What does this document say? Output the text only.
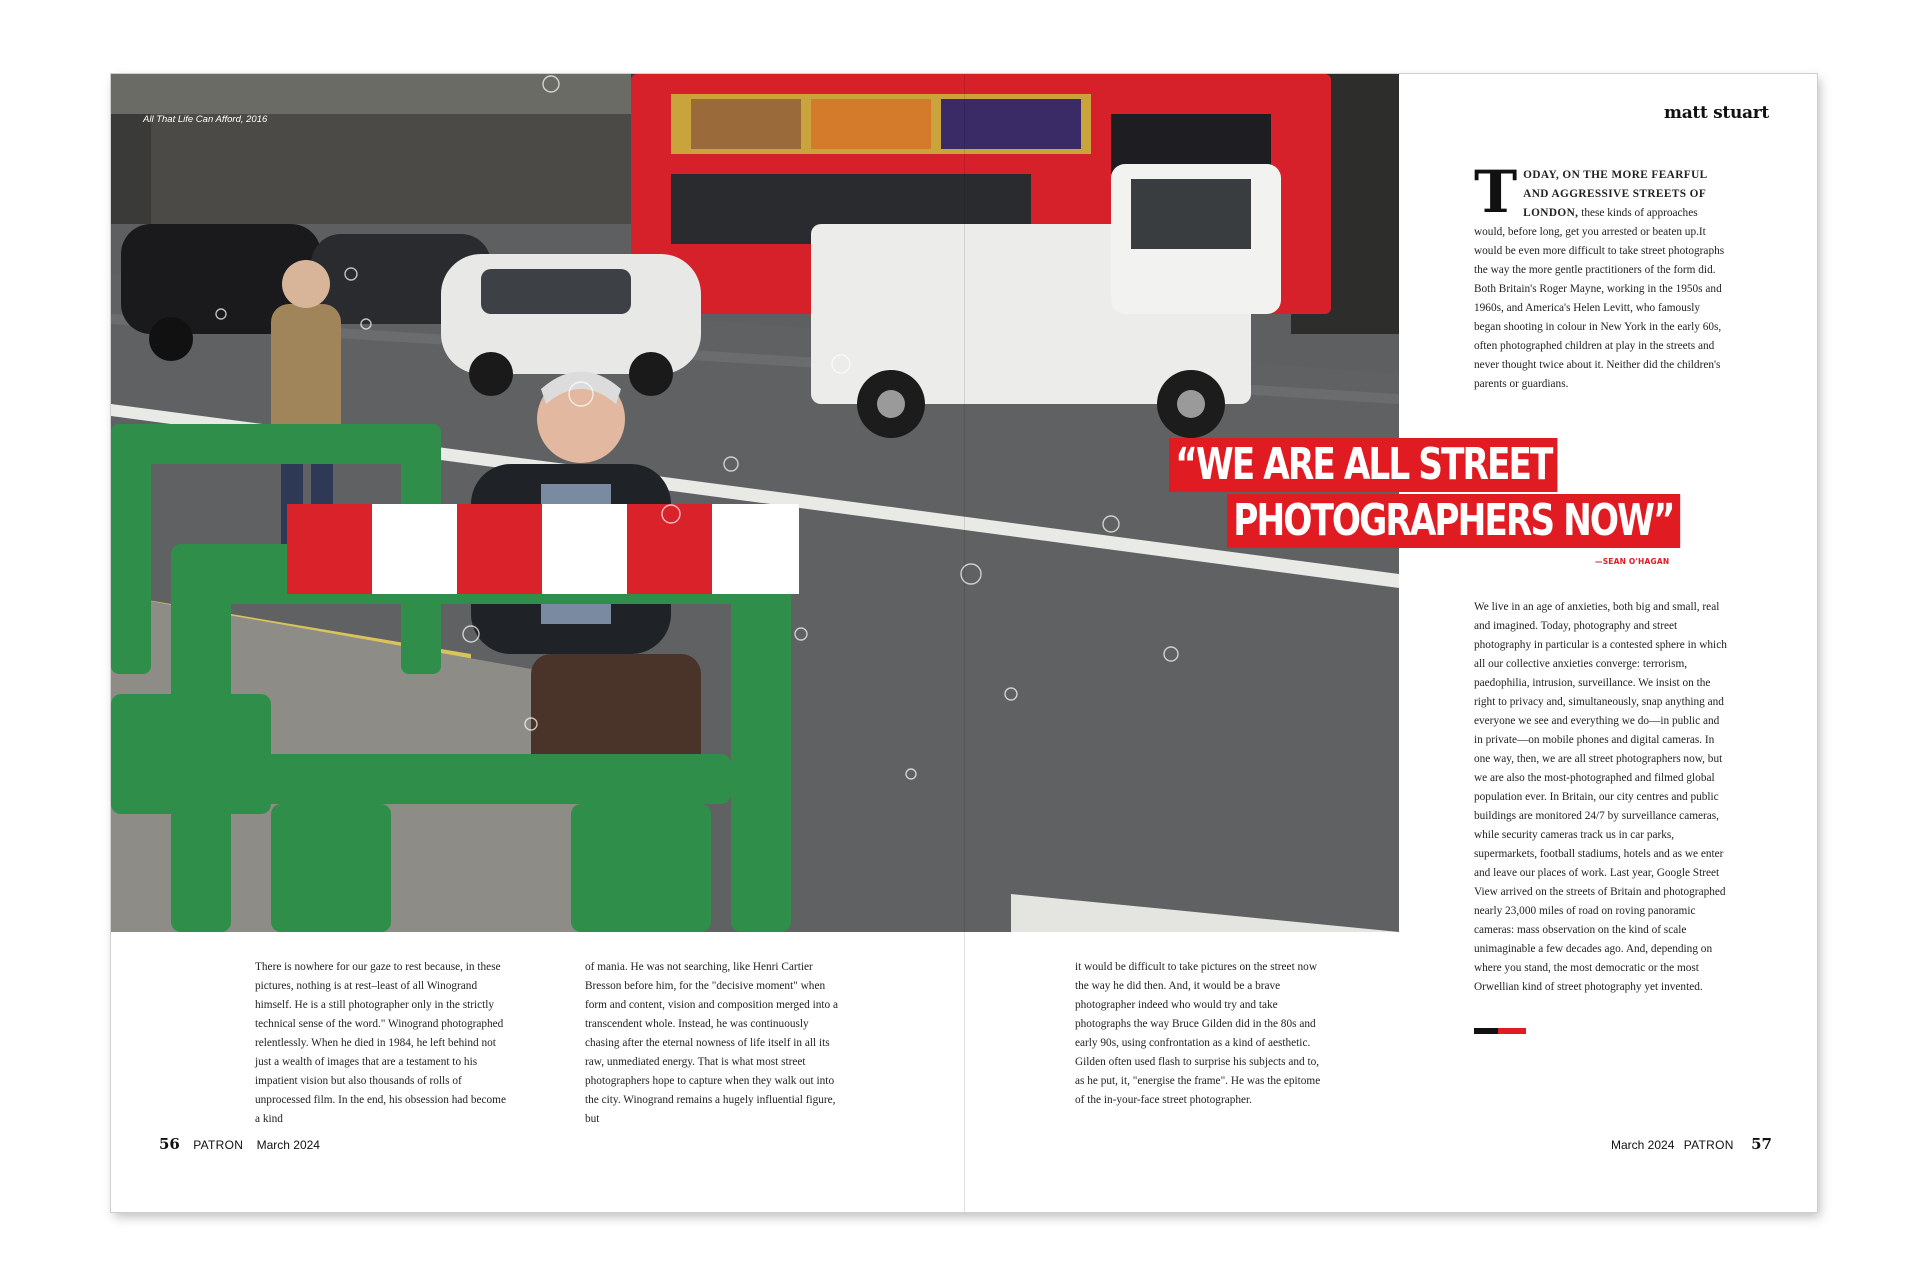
All That Life Can Afford, 2016	matt stuart

TODAY, ON THE MORE FEARFUL AND AGGRESSIVE STREETS OF LONDON, these kinds of approaches would, before long, get you arrested or beaten up.It would be even more difficult to take street photographs the way the more gentle practitioners of the form did. Both Britain's Roger Mayne, working in the 1950s and 1960s, and America's Helen Levitt, who famously began shooting in colour in New York in the early 60s, often photographed children at play in the streets and never thought twice about it. Neither did the children's parents or guardians.

“WE ARE ALL STREET
PHOTOGRAPHERS NOW”
—SEAN O'HAGAN

There is nowhere for our gaze to rest because, in these pictures, nothing is at rest–least of all Winogrand himself. He is a still photographer only in the strictly technical sense of the word." Winogrand photographed relentlessly. When he died in 1984, he left behind not just a wealth of images that are a testament to his impatient vision but also thousands of rolls of unprocessed film. In the end, his obsession had become a kind

of mania. He was not searching, like Henri Cartier Bresson before him, for the "decisive moment" when form and content, vision and composition merged into a transcendent whole. Instead, he was continuously chasing after the eternal nowness of life itself in all its raw, unmediated energy. That is what most street photographers hope to capture when they walk out into the city. Winogrand remains a hugely influential figure, but

it would be difficult to take pictures on the street now the way he did then. And, it would be a brave photographer indeed who would try and take photographs the way Bruce Gilden did in the 80s and early 90s, using confrontation as a kind of aesthetic. Gilden often used flash to surprise his subjects and to, as he put, it, "energise the frame". He was the epitome of the in-your-face street photographer.

We live in an age of anxieties, both big and small, real and imagined. Today, photography and street photography in particular is a contested sphere in which all our collective anxieties converge: terrorism, paedophilia, intrusion, surveillance. We insist on the right to privacy and, simultaneously, snap anything and everyone we see and everything we do—in public and in private—on mobile phones and digital cameras. In one way, then, we are all street photographers now, but we are also the most-photographed and filmed global population ever. In Britain, our city centres and public buildings are monitored 24/7 by surveillance cameras, while security cameras track us in car parks, supermarkets, football stadiums, hotels and as we enter and leave our places of work. Last year, Google Street View arrived on the streets of Britain and photographed nearly 23,000 miles of road on roving panoramic cameras: mass observation on the kind of scale unimaginable a few decades ago. And, depending on where you stand, the most democratic or the most Orwellian kind of street photography yet invented.

56 PATRON March 2024	March 2024 PATRON 57
